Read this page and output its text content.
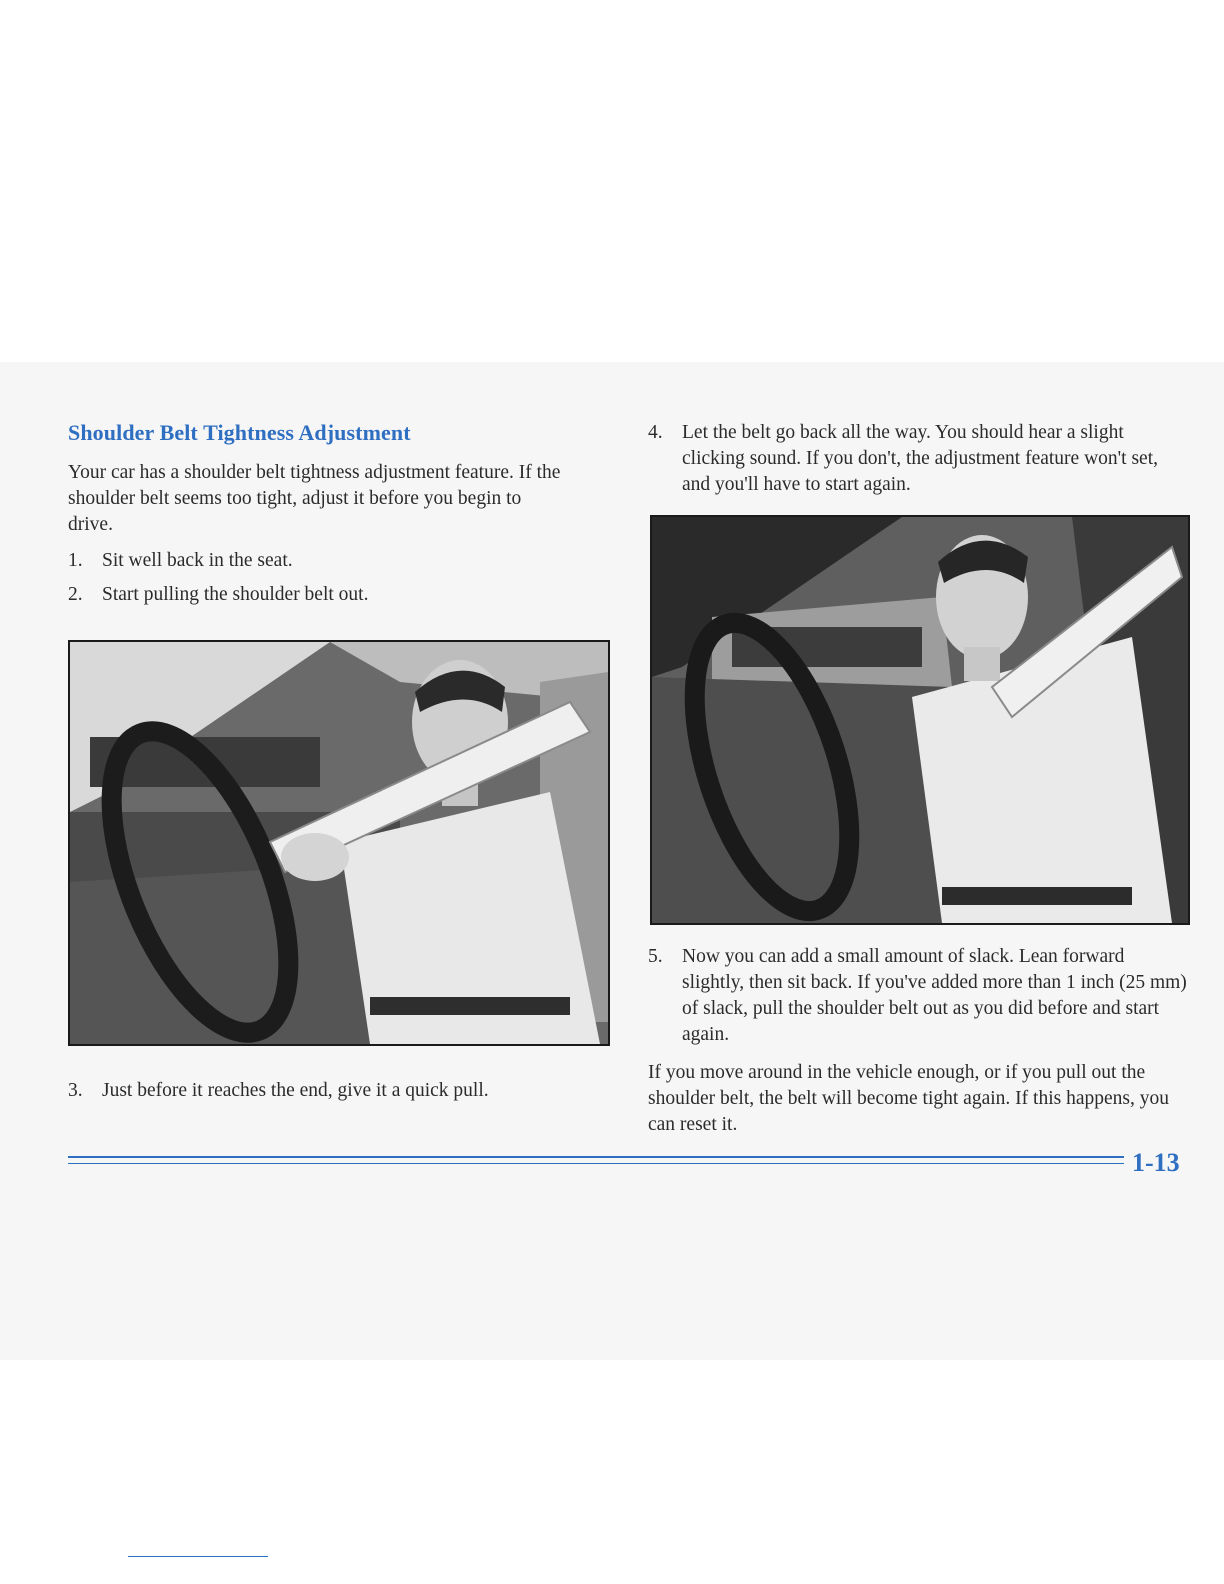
Shoulder Belt Tightness Adjustment

Your car has a shoulder belt tightness adjustment feature. If the shoulder belt seems too tight, adjust it before you begin to drive.

1. Sit well back in the seat.
2. Start pulling the shoulder belt out.
3. Just before it reaches the end, give it a quick pull.
4. Let the belt go back all the way. You should hear a slight clicking sound. If you don't, the adjustment feature won't set, and you'll have to start again.
5. Now you can add a small amount of slack. Lean forward slightly, then sit back. If you've added more than 1 inch (25 mm) of slack, pull the shoulder belt out as you did before and start again.

If you move around in the vehicle enough, or if you pull out the shoulder belt, the belt will become tight again. If this happens, you can reset it.

1-13
